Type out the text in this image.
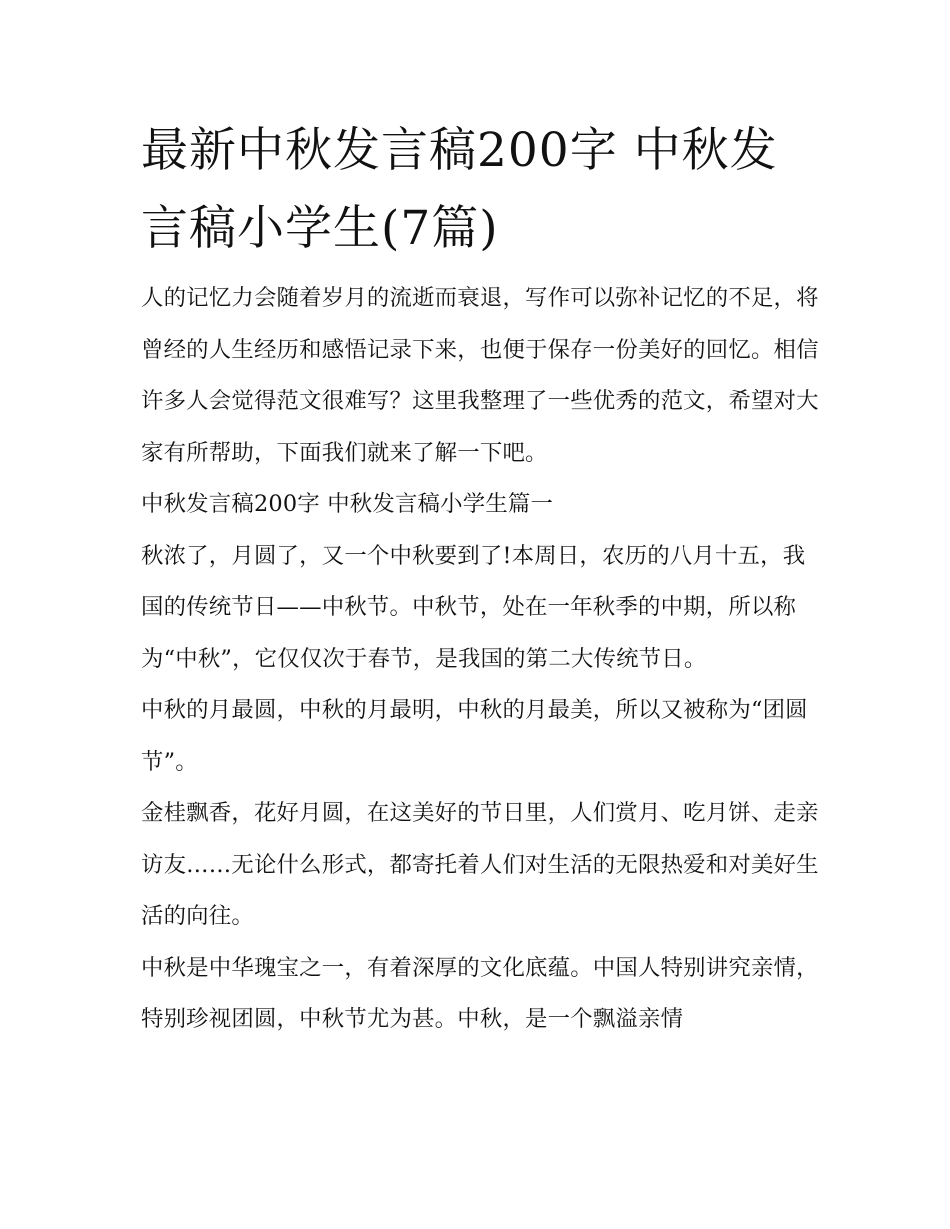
最新中秋发言稿200字 中秋发
言稿小学生(7篇)

人的记忆力会随着岁月的流逝而衰退，写作可以弥补记忆的不足，将曾经的人生经历和感悟记录下来，也便于保存一份美好的回忆。相信许多人会觉得范文很难写？这里我整理了一些优秀的范文，希望对大家有所帮助，下面我们就来了解一下吧。

中秋发言稿200字 中秋发言稿小学生篇一

秋浓了，月圆了，又一个中秋要到了!本周日，农历的八月十五，我国的传统节日——中秋节。中秋节，处在一年秋季的中期，所以称为“中秋”，它仅仅次于春节，是我国的第二大传统节日。

中秋的月最圆，中秋的月最明，中秋的月最美，所以又被称为“团圆节”。

金桂飘香，花好月圆，在这美好的节日里，人们赏月、吃月饼、走亲访友……无论什么形式，都寄托着人们对生活的无限热爱和对美好生活的向往。

中秋是中华瑰宝之一，有着深厚的文化底蕴。中国人特别讲究亲情，特别珍视团圆，中秋节尤为甚。中秋，是一个飘溢亲情
